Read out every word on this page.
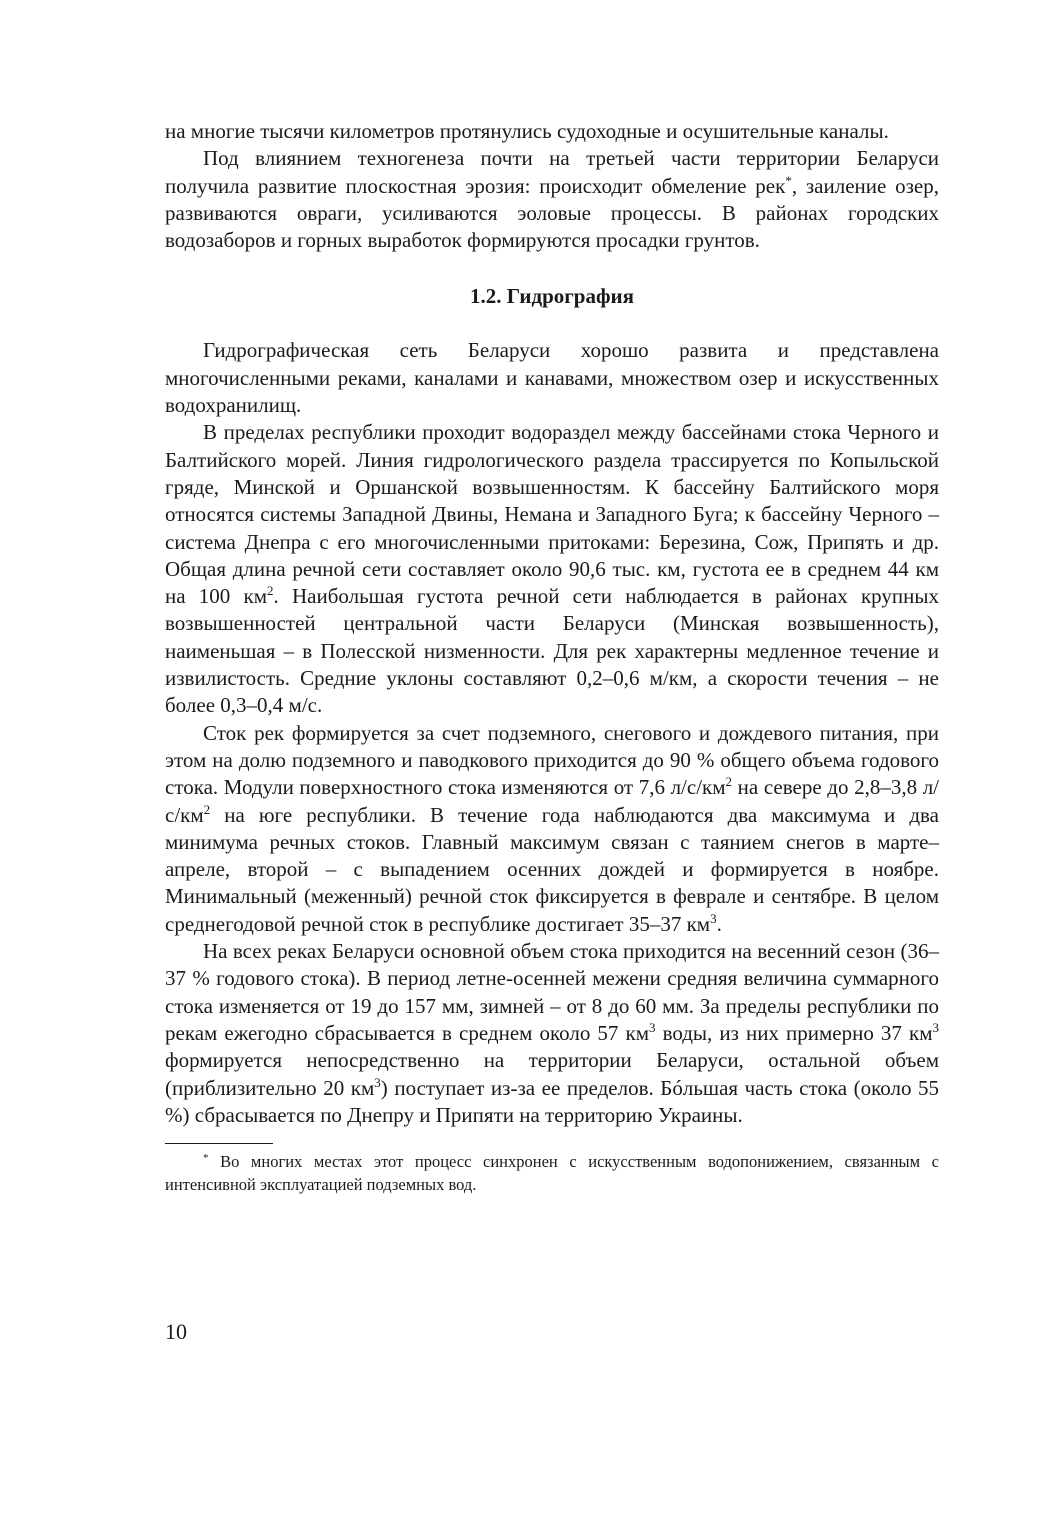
на многие тысячи километров протянулись судоходные и осушительные каналы.

Под влиянием техногенеза почти на третьей части территории Беларуси получила развитие плоскостная эрозия: происходит обмеление рек*, заиление озер, развиваются овраги, усиливаются эоловые процессы. В районах городских водозаборов и горных выработок формируются просадки грунтов.

1.2. Гидрография

Гидрографическая сеть Беларуси хорошо развита и представлена многочисленными реками, каналами и канавами, множеством озер и искусственных водохранилищ.

В пределах республики проходит водораздел между бассейнами стока Черного и Балтийского морей. Линия гидрологического раздела трассируется по Копыльской гряде, Минской и Оршанской возвышенностям. К бассейну Балтийского моря относятся системы Западной Двины, Немана и Западного Буга; к бассейну Черного – система Днепра с его многочисленными притоками: Березина, Сож, Припять и др. Общая длина речной сети составляет около 90,6 тыс. км, густота ее в среднем 44 км на 100 $км^2$. Наибольшая густота речной сети наблюдается в районах крупных возвышенностей центральной части Беларуси (Минская возвышенность), наименьшая – в Полесской низменности. Для рек характерны медленное течение и извилистость. Средние уклоны составляют 0,2–0,6 м/км, а скорости течения – не более 0,3–0,4 м/с.

Сток рек формируется за счет подземного, снегового и дождевого питания, при этом на долю подземного и паводкового приходится до 90 % общего объема годового стока. Модули поверхностного стока изменяются от 7,6 $л/с/км^2$ на севере до 2,8–3,8 $л/с/км^2$ на юге республики. В течение года наблюдаются два максимума и два минимума речных стоков. Главный максимум связан с таянием снегов в марте–апреле, второй – с выпадением осенних дождей и формируется в ноябре. Минимальный (меженный) речной сток фиксируется в феврале и сентябре. В целом среднегодовой речной сток в республике достигает 35–37 $км^3$.

На всех реках Беларуси основной объем стока приходится на весенний сезон (36–37 % годового стока). В период летне-осенней межени средняя величина суммарного стока изменяется от 19 до 157 мм, зимней – от 8 до 60 мм. За пределы республики по рекам ежегодно сбрасывается в среднем около 57 $км^3$ воды, из них примерно 37 $км^3$ формируется непосредственно на территории Беларуси, остальной объем (приблизительно 20 $км^3$) поступает из-за ее пределов. Бóльшая часть стока (около 55 %) сбрасывается по Днепру и Припяти на территорию Украины.

* Во многих местах этот процесс синхронен с искусственным водопонижением, связанным с интенсивной эксплуатацией подземных вод.

10
